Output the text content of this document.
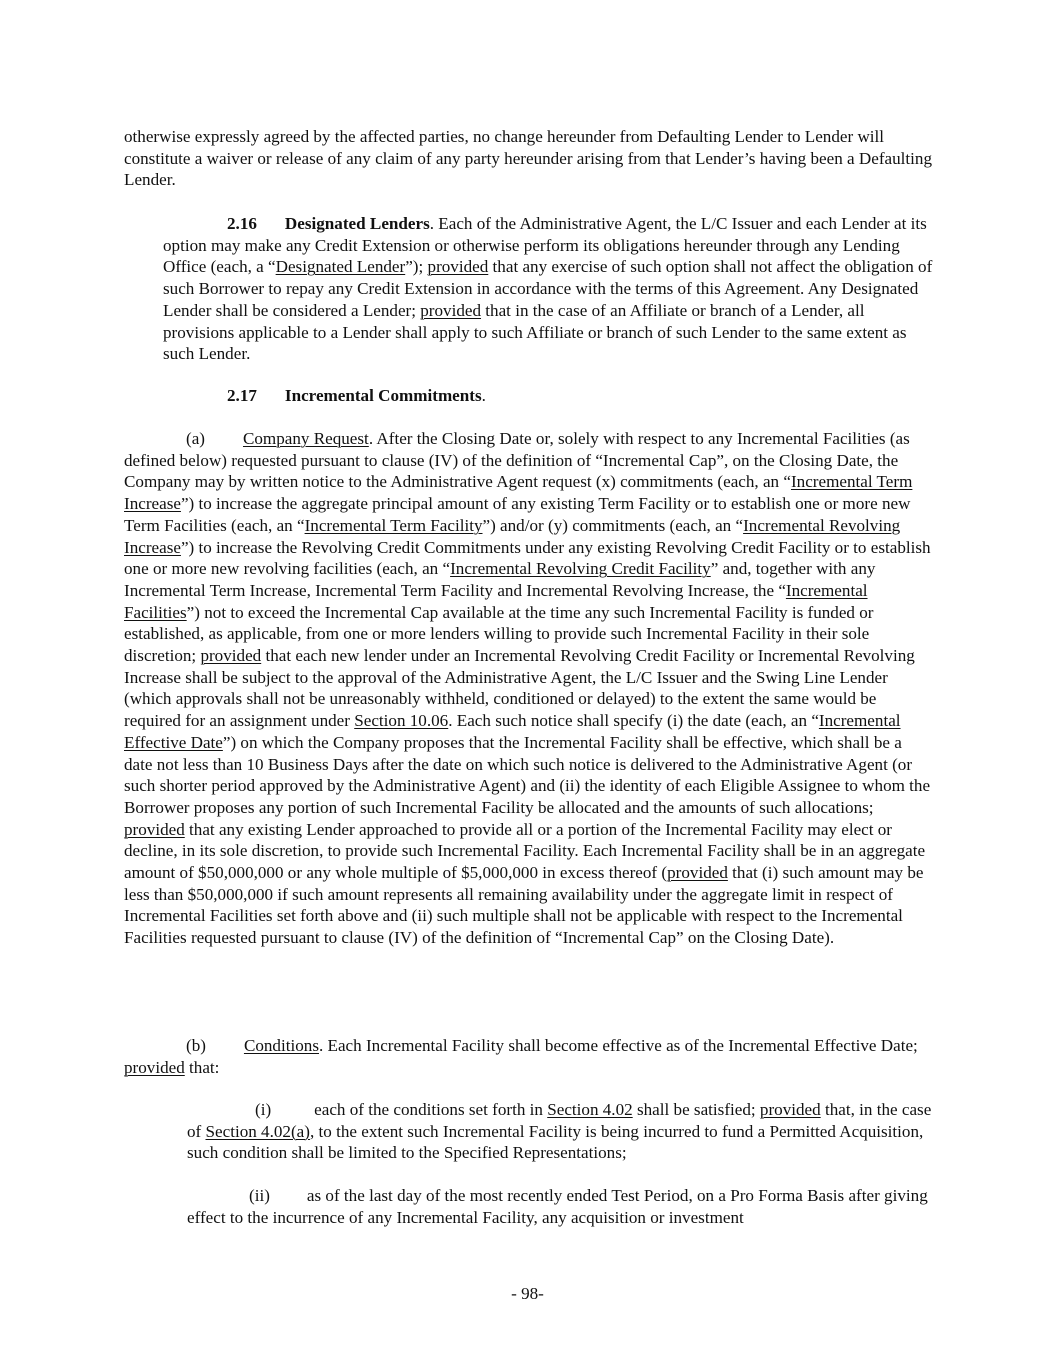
otherwise expressly agreed by the affected parties, no change hereunder from Defaulting Lender to Lender will constitute a waiver or release of any claim of any party hereunder arising from that Lender’s having been a Defaulting Lender.

2.16 Designated Lenders. Each of the Administrative Agent, the L/C Issuer and each Lender at its option may make any Credit Extension or otherwise perform its obligations hereunder through any Lending Office (each, a “Designated Lender”); provided that any exercise of such option shall not affect the obligation of such Borrower to repay any Credit Extension in accordance with the terms of this Agreement. Any Designated Lender shall be considered a Lender; provided that in the case of an Affiliate or branch of a Lender, all provisions applicable to a Lender shall apply to such Affiliate or branch of such Lender to the same extent as such Lender.

2.17 Incremental Commitments.

(a) Company Request. After the Closing Date or, solely with respect to any Incremental Facilities (as defined below) requested pursuant to clause (IV) of the definition of “Incremental Cap”, on the Closing Date, the Company may by written notice to the Administrative Agent request (x) commitments (each, an “Incremental Term Increase”) to increase the aggregate principal amount of any existing Term Facility or to establish one or more new Term Facilities (each, an “Incremental Term Facility”) and/or (y) commitments (each, an “Incremental Revolving Increase”) to increase the Revolving Credit Commitments under any existing Revolving Credit Facility or to establish one or more new revolving facilities (each, an “Incremental Revolving Credit Facility” and, together with any Incremental Term Increase, Incremental Term Facility and Incremental Revolving Increase, the “Incremental Facilities”) not to exceed the Incremental Cap available at the time any such Incremental Facility is funded or established, as applicable, from one or more lenders willing to provide such Incremental Facility in their sole discretion; provided that each new lender under an Incremental Revolving Credit Facility or Incremental Revolving Increase shall be subject to the approval of the Administrative Agent, the L/C Issuer and the Swing Line Lender (which approvals shall not be unreasonably withheld, conditioned or delayed) to the extent the same would be required for an assignment under Section 10.06. Each such notice shall specify (i) the date (each, an “Incremental Effective Date”) on which the Company proposes that the Incremental Facility shall be effective, which shall be a date not less than 10 Business Days after the date on which such notice is delivered to the Administrative Agent (or such shorter period approved by the Administrative Agent) and (ii) the identity of each Eligible Assignee to whom the Borrower proposes any portion of such Incremental Facility be allocated and the amounts of such allocations; provided that any existing Lender approached to provide all or a portion of the Incremental Facility may elect or decline, in its sole discretion, to provide such Incremental Facility. Each Incremental Facility shall be in an aggregate amount of $50,000,000 or any whole multiple of $5,000,000 in excess thereof (provided that (i) such amount may be less than $50,000,000 if such amount represents all remaining availability under the aggregate limit in respect of Incremental Facilities set forth above and (ii) such multiple shall not be applicable with respect to the Incremental Facilities requested pursuant to clause (IV) of the definition of “Incremental Cap” on the Closing Date).

(b) Conditions. Each Incremental Facility shall become effective as of the Incremental Effective Date; provided that:

(i)	each of the conditions set forth in Section 4.02 shall be satisfied; provided that, in the case of Section 4.02(a), to the extent such Incremental Facility is being incurred to fund a Permitted Acquisition, such condition shall be limited to the Specified Representations;

(ii) as of the last day of the most recently ended Test Period, on a Pro Forma Basis after giving effect to the incurrence of any Incremental Facility, any acquisition or investment

- 98-
